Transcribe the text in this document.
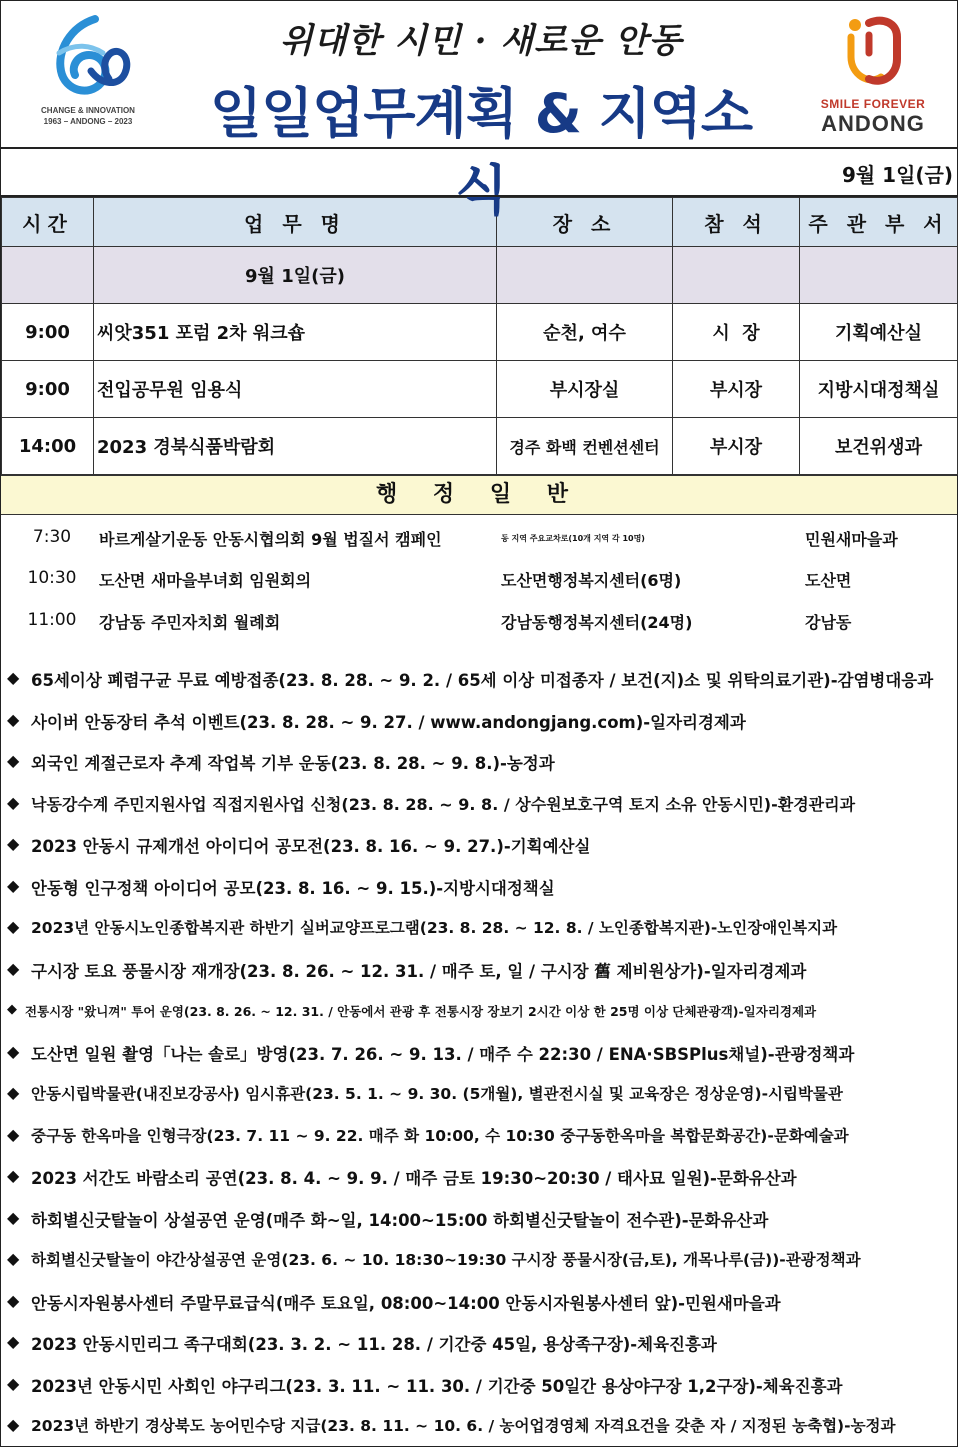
CHANGE & INNOVATION
1963 – ANDONG – 2023
위대한 시민 · 새로운 안동
일일업무계획 & 지역소식
SMILE FOREVER
ANDONG
9월 1일(금)
시간	업 무 명	장 소	참 석	주 관 부 서
	9월 1일(금)			
9:00	씨앗351 포럼 2차 워크숍	순천, 여수	시  장	기획예산실
9:00	전입공무원 임용식	부시장실	부시장	지방시대정책실
14:00	2023 경북식품박람회	경주 화백 컨벤션센터	부시장	보건위생과
행 정 일 반
7:30	바르게살기운동 안동시협의회 9월 법질서 캠페인	동 지역 주요교차로(10개 지역 각 10명)	민원새마을과
10:30 도산면 새마을부녀회 임원회의	도산면행정복지센터(6명)	도산면
11:00 강남동 주민자치회 월례회	강남동행정복지센터(24명)	강남동
◆ 65세이상 폐렴구균 무료 예방접종(23. 8. 28. ~ 9. 2. / 65세 이상 미접종자 / 보건(지)소 및 위탁의료기관)-감염병대응과
◆ 사이버 안동장터 추석 이벤트(23. 8. 28. ~ 9. 27. / www.andongjang.com)-일자리경제과
◆ 외국인 계절근로자 추계 작업복 기부 운동(23. 8. 28. ~ 9. 8.)-농정과
◆ 낙동강수계 주민지원사업 직접지원사업 신청(23. 8. 28. ~ 9. 8. / 상수원보호구역 토지 소유 안동시민)-환경관리과
◆ 2023 안동시 규제개선 아이디어 공모전(23. 8. 16. ~ 9. 27.)-기획예산실
◆ 안동형 인구정책 아이디어 공모(23. 8. 16. ~ 9. 15.)-지방시대정책실
◆ 2023년 안동시노인종합복지관 하반기 실버교양프로그램(23. 8. 28. ~ 12. 8. / 노인종합복지관)-노인장애인복지과
◆ 구시장 토요 풍물시장 재개장(23. 8. 26. ~ 12. 31. / 매주 토, 일 / 구시장 舊 제비원상가)-일자리경제과
◆ 전통시장 "왔니껴" 투어 운영(23. 8. 26. ~ 12. 31. / 안동에서 관광 후 전통시장 장보기 2시간 이상 한 25명 이상 단체관광객)-일자리경제과
◆ 도산면 일원 촬영「나는 솔로」방영(23. 7. 26. ~ 9. 13. / 매주 수 22:30 / ENA·SBSPlus채널)-관광정책과
◆ 안동시립박물관(내진보강공사) 임시휴관(23. 5. 1. ~ 9. 30. (5개월), 별관전시실 및 교육장은 정상운영)-시립박물관
◆ 중구동 한옥마을 인형극장(23. 7. 11 ~ 9. 22. 매주 화 10:00, 수 10:30 중구동한옥마을 복합문화공간)-문화예술과
◆ 2023 서간도 바람소리 공연(23. 8. 4. ~ 9. 9. / 매주 금토 19:30~20:30 / 태사묘 일원)-문화유산과
◆ 하회별신굿탈놀이 상설공연 운영(매주 화~일, 14:00~15:00 하회별신굿탈놀이 전수관)-문화유산과
◆ 하회별신굿탈놀이 야간상설공연 운영(23. 6. ~ 10. 18:30~19:30 구시장 풍물시장(금,토), 개목나루(금))-관광정책과
◆ 안동시자원봉사센터 주말무료급식(매주 토요일, 08:00~14:00 안동시자원봉사센터 앞)-민원새마을과
◆ 2023 안동시민리그 족구대회(23. 3. 2. ~ 11. 28. / 기간중 45일, 용상족구장)-체육진흥과
◆ 2023년 안동시민 사회인 야구리그(23. 3. 11. ~ 11. 30. / 기간중 50일간 용상야구장 1,2구장)-체육진흥과
◆ 2023년 하반기 경상북도 농어민수당 지급(23. 8. 11. ~ 10. 6. / 농어업경영체 자격요건을 갖춘 자 / 지정된 농축협)-농정과
